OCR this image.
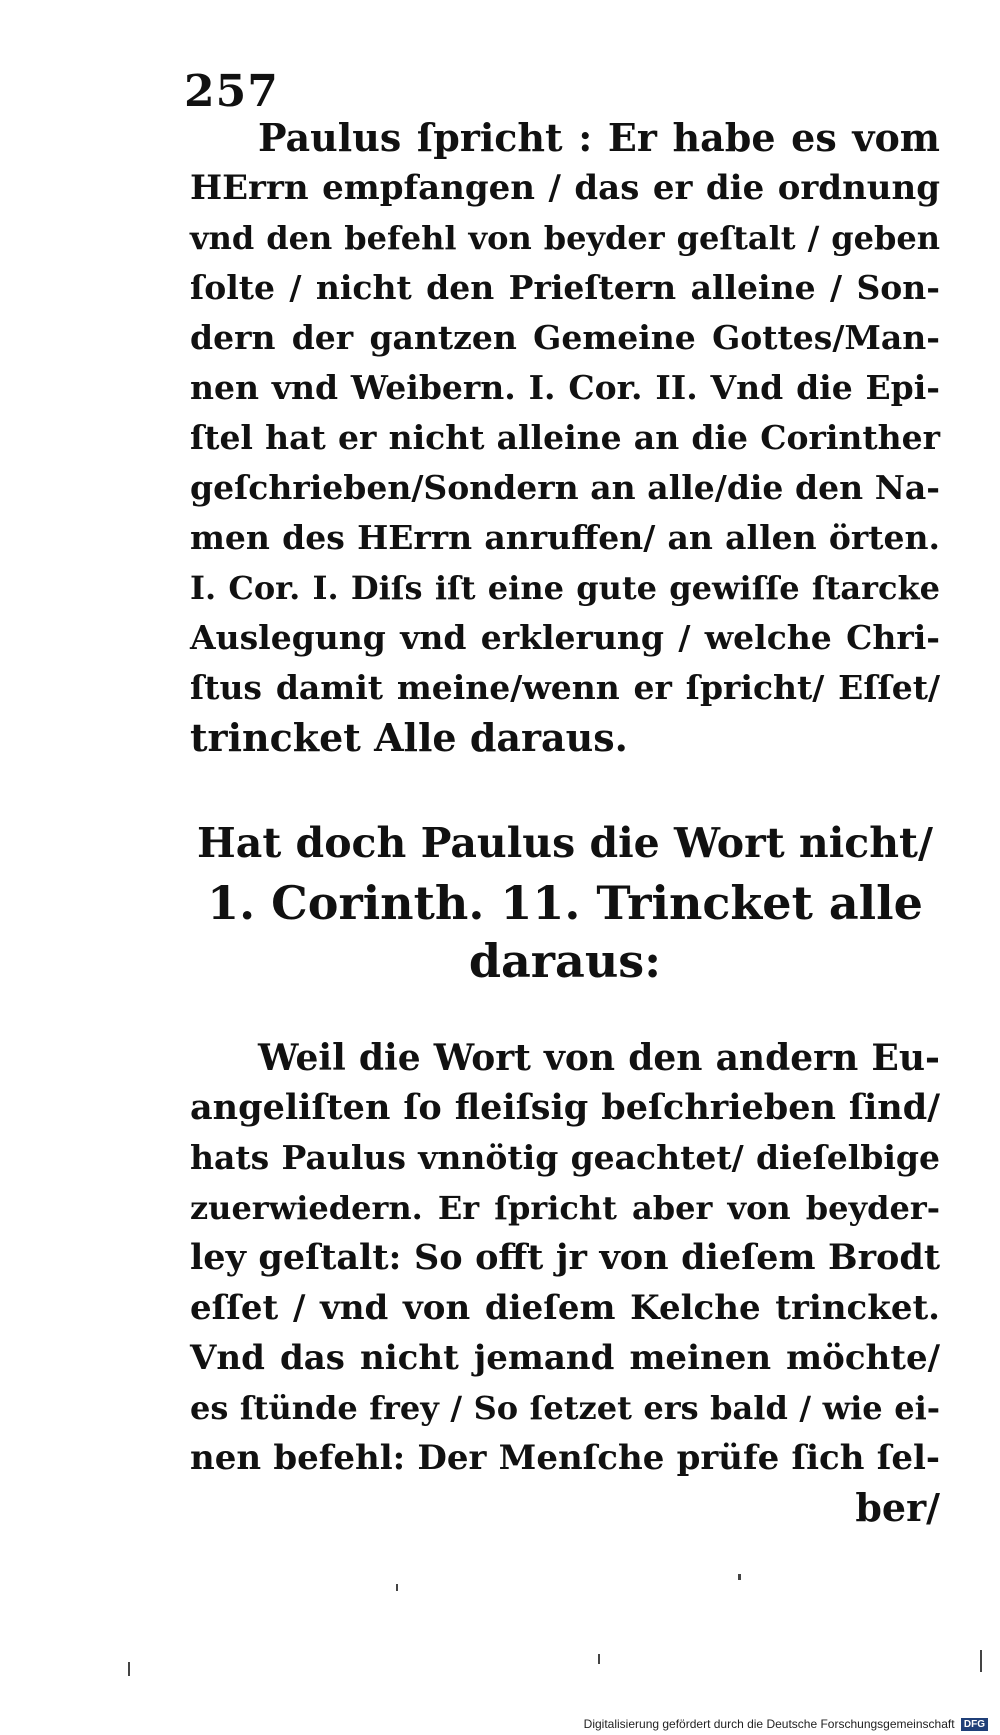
257
Paulus ſpricht : Er habe es vom
HErrn empfangen / das er die ordnung
vnd den befehl von beyder geſtalt / geben
ſolte / nicht den Prieſtern alleine / Son-
dern der gantzen Gemeine Gottes/Man-
nen vnd Weibern. I. Cor. II. Vnd die Epi-
ſtel hat er nicht alleine an die Corinther
geſchrieben/Sondern an alle/die den Na-
men des HErrn anruffen/ an allen örten.
I. Cor. I. Diſs iſt eine gute gewiſſe ſtarcke
Auslegung vnd erklerung / welche Chri-
ſtus damit meine/wenn er ſpricht/ Eſſet/
trincket Alle daraus.
Hat doch Paulus die Wort nicht/
1. Corinth. 11. Trincket alle
daraus:
Weil die Wort von den andern Eu-
angeliſten ſo fleiſsig beſchrieben ſind/
hats Paulus vnnötig geachtet/ dieſelbige
zuerwiedern. Er ſpricht aber von beyder-
ley geſtalt: So offt jr von dieſem Brodt
eſſet / vnd von dieſem Kelche trincket.
Vnd das nicht jemand meinen möchte/
es ſtünde frey / So ſetzet ers bald / wie ei-
nen befehl: Der Menſche prüfe ſich ſel-
ber/
Digitalisierung gefördert durch die Deutsche Forschungsgemeinschaft DFG
